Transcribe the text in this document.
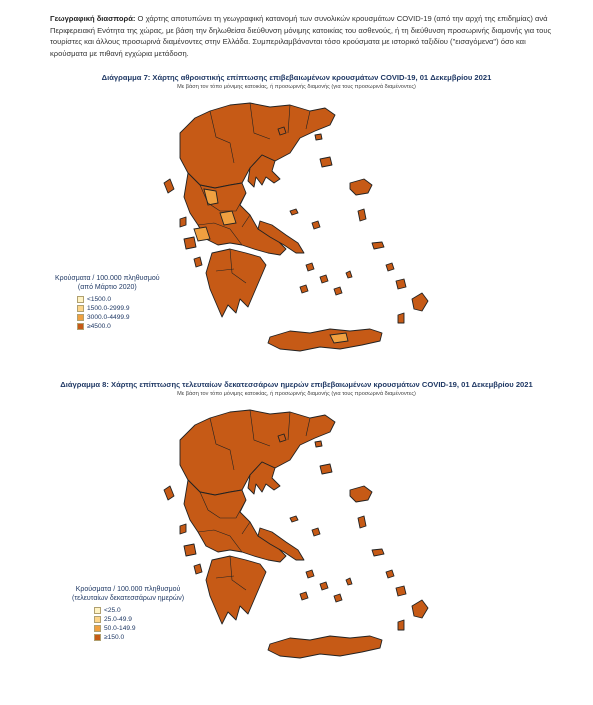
Γεωγραφική διασπορά: Ο χάρτης αποτυπώνει τη γεωγραφική κατανομή των συνολικών κρουσμάτων COVID-19 (από την αρχή της επιδημίας) ανά Περιφερειακή Ενότητα της χώρας, με βάση την δηλωθείσα διεύθυνση μόνιμης κατοικίας του ασθενούς, ή τη διεύθυνση προσωρινής διαμονής για τους τουρίστες και άλλους προσωρινά διαμένοντες στην Ελλάδα. Συμπεριλαμβάνονται τόσο κρούσματα με ιστορικό ταξιδίου ("εισαγόμενα") όσο και κρούσματα με πιθανή εγχώρια μετάδοση.
Διάγραμμα 7: Χάρτης αθροιστικής επίπτωσης επιβεβαιωμένων κρουσμάτων COVID-19, 01 Δεκεμβρίου 2021
Με βάση τον τόπο μόνιμης κατοικίας, ή προσωρινής διαμονής (για τους προσωρινά διαμένοντες)
Κρούσματα / 100.000 πληθυσμού
(από Μάρτιο 2020)
<1500.0
1500.0-2999.9
3000.0-4499.9
≥4500.0
Διάγραμμα 8: Χάρτης επίπτωσης τελευταίων δεκατεσσάρων ημερών επιβεβαιωμένων κρουσμάτων COVID-19, 01 Δεκεμβρίου 2021
Με βάση τον τόπο μόνιμης κατοικίας, ή προσωρινής διαμονής (για τους προσωρινά διαμένοντες)
Κρούσματα / 100.000 πληθυσμού
(τελευταίων δεκατεσσάρων ημερών)
<25.0
25.0-49.9
50.0-149.9
≥150.0
